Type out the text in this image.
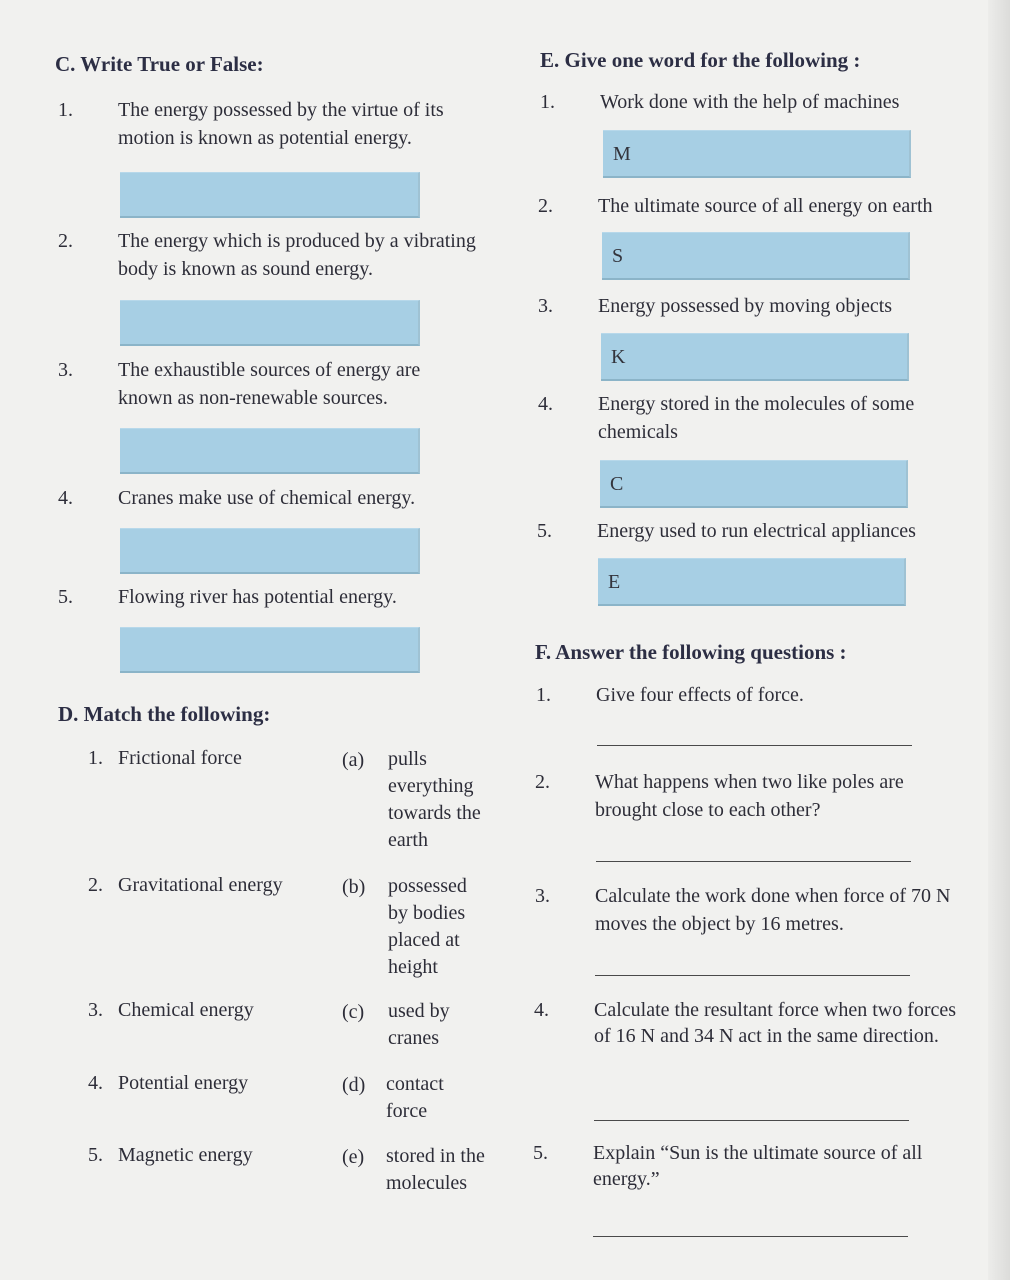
C. Write True or False:
1. The energy possessed by the virtue of its motion is known as potential energy.
2. The energy which is produced by a vibrating body is known as sound energy.
3. The exhaustible sources of energy are known as non-renewable sources.
4. Cranes make use of chemical energy.
5. Flowing river has potential energy.
D. Match the following:
1. Frictional force
2. Gravitational energy
3. Chemical energy
4. Potential energy
5. Magnetic energy
(a) pulls everything towards the earth
(b) possessed by bodies placed at height
(c) used by cranes
(d) contact force
(e) stored in the molecules
E. Give one word for the following :
1. Work done with the help of machines
M
2. The ultimate source of all energy on earth
S
3. Energy possessed by moving objects
K
4. Energy stored in the molecules of some chemicals
C
5. Energy used to run electrical appliances
E
F. Answer the following questions :
1. Give four effects of force.
2. What happens when two like poles are brought close to each other?
3. Calculate the work done when force of 70 N moves the object by 16 metres.
4. Calculate the resultant force when two forces of 16 N and 34 N act in the same direction.
5. Explain “Sun is the ultimate source of all energy.”
